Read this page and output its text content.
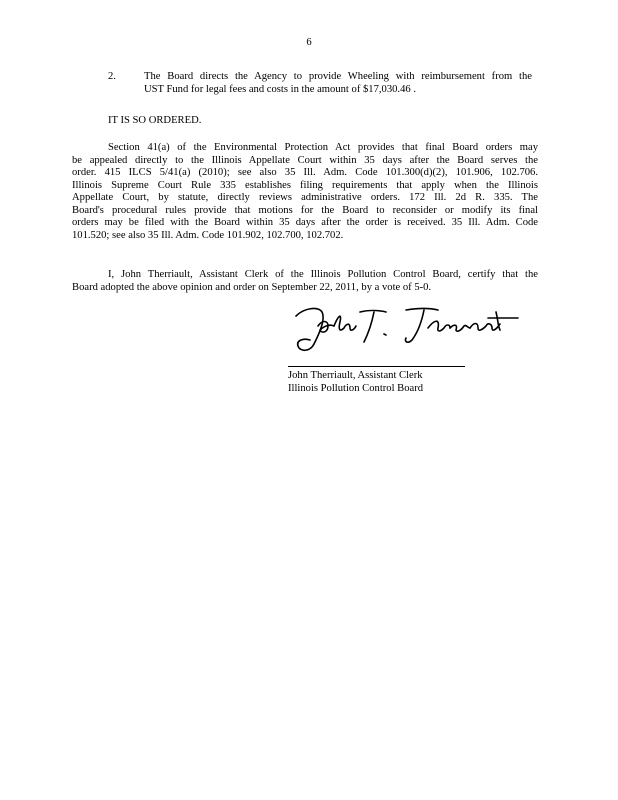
6
2.	The Board directs the Agency to provide Wheeling with reimbursement from the
UST Fund for legal fees and costs in the amount of $17,030.46 .
IT IS SO ORDERED.
Section 41(a) of the Environmental Protection Act provides that final Board orders may
be appealed directly to the Illinois Appellate Court within 35 days after the Board serves the
order. 415 ILCS 5/41(a) (2010); see also 35 Ill. Adm. Code 101.300(d)(2), 101.906, 102.706.
Illinois Supreme Court Rule 335 establishes filing requirements that apply when the Illinois
Appellate Court, by statute, directly reviews administrative orders. 172 Ill. 2d R. 335. The
Board's procedural rules provide that motions for the Board to reconsider or modify its final
orders may be filed with the Board within 35 days after the order is received. 35 Ill. Adm. Code
101.520; see also 35 Ill. Adm. Code 101.902, 102.700, 102.702.
I, John Therriault, Assistant Clerk of the Illinois Pollution Control Board, certify that the
Board adopted the above opinion and order on September 22, 2011, by a vote of 5-0.
John Therriault, Assistant Clerk
Illinois Pollution Control Board
